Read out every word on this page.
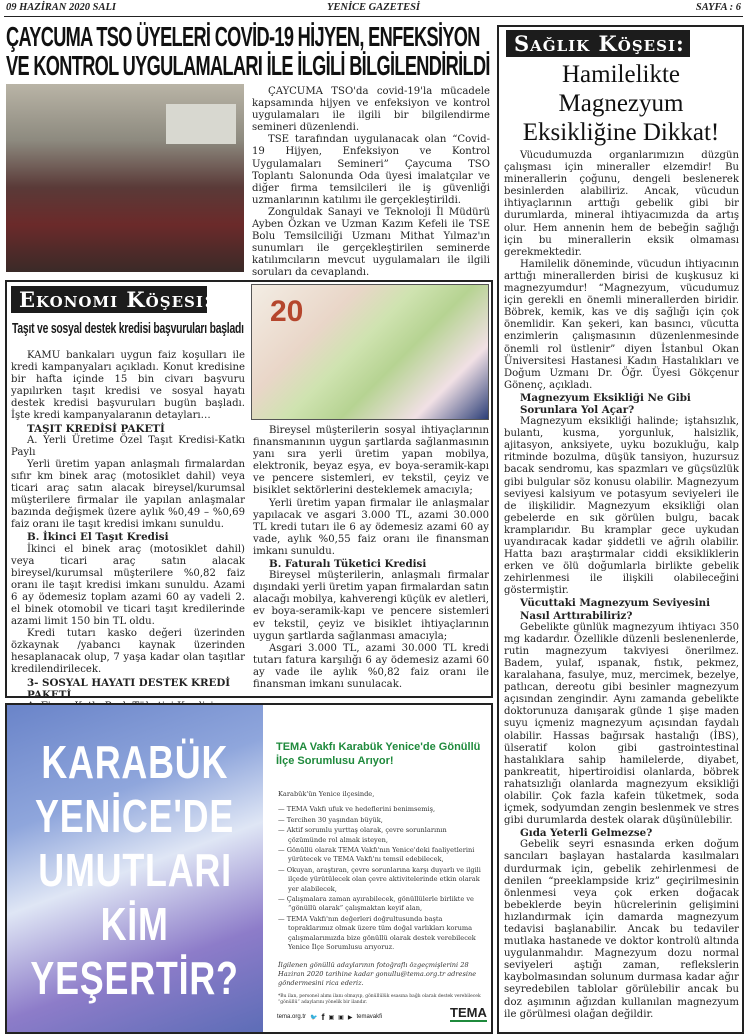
09 HAZİRAN 2020 SALI	YENİCE GAZETESİ	SAYFA : 6
ÇAYCUMA TSO ÜYELERİ COVİD-19 HİJYEN, ENFEKSİYON
VE KONTROL UYGULAMALARI İLE İLGİLİ BİLGİLENDİRİLDİ

ÇAYCUMA TSO'da covid-19'la mücadele kapsamında hijyen ve enfeksiyon ve kontrol uygulamaları ile ilgili bir bilgilendirme semineri düzenlendi.

TSE tarafından uygulanacak olan “Covid-19 Hijyen, Enfeksiyon ve Kontrol Uygulamaları Semineri” Çaycuma TSO Toplantı Salonunda Oda üyesi imalatçılar ve diğer firma temsilcileri ile iş güvenliği uzmanlarının katılımı ile gerçekleştirildi.

Zonguldak Sanayi ve Teknoloji İl Müdürü Ayben Özkan ve Uzman Kazım Kefeli ile TSE Bolu Temsilciliği Uzmanı Mithat Yılmaz'ın sunumları ile gerçekleştirilen seminerde katılımcıların mevcut uygulamaları ile ilgili soruları da cevaplandı.

Ekonomi Köşesi:
Taşıt ve sosyal destek kredisi başvuruları başladı
20

KAMU bankaları uygun faiz koşulları ile kredi kampanyaları açıkladı. Konut kredisine bir hafta içinde 15 bin civarı başvuru yapılırken taşıt kredisi ve sosyal hayatı destek kredisi başvuruları bugün başladı. İşte kredi kampanyalaranın detayları…

TAŞIT KREDİSİ PAKETİ

A. Yerli Üretime Özel Taşıt Kredisi-Katkı Paylı

Yerli üretim yapan anlaşmalı firmalardan sıfır km binek araç (motosiklet dahil) veya ticari araç satın alacak bireysel/kurumsal müşterilere firmalar ile yapılan anlaşmalar bazında değişmek üzere aylık %0,49 – %0,69 faiz oranı ile taşıt kredisi imkanı sunuldu.

B. İkinci El Taşıt Kredisi

İkinci el binek araç (motosiklet dahil) veya ticari araç satın alacak bireysel/kurumsal müşterilere %0,82 faiz oranı ile taşıt kredisi imkanı sunuldu. Azami 6 ay ödemesiz toplam azami 60 ay vadeli 2. el binek otomobil ve ticari taşıt kredilerinde azami limit 150 bin TL oldu.

Kredi tutarı kasko değeri üzerinden özkaynak /yabancı kaynak üzerinden hesaplanacak olup, 7 yaşa kadar olan taşıtlar kredilendirilecek.

3- SOSYAL HAYATI DESTEK KREDİ PAKETİ

Bireysel müşterilerin sosyal ihtiyaçlarının finansmanının uygun şartlarda sağlanmasının yanı sıra yerli üretim yapan mobilya, elektronik, beyaz eşya, ev boya-seramik-kapı ve pencere sistemleri, ev tekstil, çeyiz ve bisiklet sektörlerini desteklemek amacıyla;

Yerli üretim yapan firmalar ile anlaşmalar yapılacak ve asgari 3.000 TL, azami 30.000 TL kredi tutarı ile 6 ay ödemesiz azami 60 ay vade, aylık %0,55 faiz oranı ile finansman imkanı sunuldu.

B. Faturalı Tüketici Kredisi

Bireysel müşterilerin, anlaşmalı firmalar dışındaki yerli üretim yapan firmalardan satın alacağı mobilya, kahverengi küçük ev aletleri, ev boya-seramik-kapı ve pencere sistemleri ev tekstil, çeyiz ve bisiklet ihtiyaçlarının uygun şartlarda sağlanması amacıyla;

Asgari 3.000 TL, azami 30.000 TL kredi tutarı fatura karşılığı 6 ay ödemesiz azami 60 ay vade ile aylık %0,82 faiz oranı ile finansman imkanı sunulacak.

KARABÜK
YENİCE'DE
UMUTLARI
KİM
YEŞERTİR?
TEMA Vakfı Karabük Yenice'de Gönüllü İlçe Sorumlusu Arıyor!

Karabük'ün Yenice ilçesinde,

— TEMA Vakfı ufuk ve hedeflerini benimsemiş,
— Tercihen 30 yaşından büyük,
— Aktif sorumlu yurttaş olarak, çevre sorunlarının çözümünde rol almak isteyen,
— Gönüllü olarak TEMA Vakfı'nın Yenice'deki faaliyetlerini yürütecek ve TEMA Vakfı'nı temsil edebilecek,
— Okuyan, araştıran, çevre sorunlarına karşı duyarlı ve ilgili ilçede yürütülecek olan çevre aktivitelerinde etkin olarak yer alabilecek,
— Çalışmalara zaman ayırabilecek, gönüllülerle birlikte ve “gönüllü olarak” çalışmaktan keyif alan,
— TEMA Vakfı'nın değerleri doğrultusunda başta topraklarımız olmak üzere tüm doğal varlıkları koruma çalışmalarımızda bize gönüllü olarak destek verebilecek Yenice İlçe Sorumlusu arıyoruz.

İlgilenen gönüllü adaylarının fotoğraflı özgeçmişlerini 28 Haziran 2020 tarihine kadar gonullu@tema.org.tr adresine göndermesini rica ederiz.

*Bu ilan, personel alımı ilanı olmayıp, gönüllülük esasına bağlı olarak destek verebilecek “gönüllü” adaylarını yönelik bir ilandır.

tema.org.tr 🐦 f ▣ ▣ ▶ temavakfi	TEMA
Sağlık Köşesi:
Hamilelikte Magnezyum Eksikliğine Dikkat!

Vücudumuzda organlarımızın düzgün çalışması için mineraller elzemdir! Bu minerallerin çoğunu, dengeli beslenerek besinlerden alabiliriz. Ancak, vücudun ihtiyaçlarının arttığı gebelik gibi bir durumlarda, mineral ihtiyacımızda da artış olur. Hem annenin hem de bebeğin sağlığı için bu minerallerin eksik olmaması gerekmektedir.

Hamilelik döneminde, vücudun ihtiyacının arttığı minerallerden birisi de kuşkusuz ki magnezyumdur! “Magnezyum, vücudumuz için gerekli en önemli minerallerden biridir. Böbrek, kemik, kas ve diş sağlığı için çok önemlidir. Kan şekeri, kan basıncı, vücutta enzimlerin çalışmasının düzenlenmesinde önemli rol üstlenir” diyen İstanbul Okan Üniversitesi Hastanesi Kadın Hastalıkları ve Doğum Uzmanı Dr. Öğr. Üyesi Gökçenur Gönenç, açıkladı.

Magnezyum Eksikliği Ne Gibi Sorunlara Yol Açar?

Magnezyum eksikliği halinde; iştahsızlık, bulantı, kusma, yorgunluk, halsizlik, ajitasyon, anksiyete, uyku bozukluğu, kalp ritminde bozulma, düşük tansiyon, huzursuz bacak sendromu, kas spazmları ve güçsüzlük gibi bulgular söz konusu olabilir. Magnezyum seviyesi kalsiyum ve potasyum seviyeleri ile de ilişkilidir. Magnezyum eksikliği olan gebelerde en sık görülen bulgu, bacak kramplarıdır. Bu kramplar gece uykudan uyandıracak kadar şiddetli ve ağrılı olabilir. Hatta bazı araştırmalar ciddi eksikliklerin erken ve ölü doğumlarla birlikte gebelik zehirlenmesi ile ilişkili olabileceğini göstermiştir.

Vücuttaki Magnezyum Seviyesini Nasıl Arttırabiliriz?

Gebelikte günlük magnezyum ihtiyacı 350 mg kadardır. Özellikle düzenli beslenenlerde, rutin magnezyum takviyesi önerilmez. Badem, yulaf, ıspanak, fıstık, pekmez, karalahana, fasulye, muz, mercimek, bezelye, patlıcan, dereotu gibi besinler magnezyum açısından zengindir. Aynı zamanda gebelikte doktorunuza danışarak günde 1 şişe maden suyu içmeniz magnezyum açısından faydalı olabilir. Hassas bağırsak hastalığı (İBS), ülseratif kolon gibi gastrointestinal hastalıklara sahip hamilelerde, diyabet, pankreatit, hipertiroidisi olanlarda, böbrek rahatsızlığı olanlarda magnezyum eksikliği olabilir. Çok fazla kafein tüketmek, soda içmek, sodyumdan zengin beslenmek ve stres gibi durumlarda destek olarak düşünülebilir.

Gıda Yeterli Gelmezse?

Gebelik seyri esnasında erken doğum sancıları başlayan hastalarda kasılmaları durdurmak için, gebelik zehirlenmesi de denilen “preeklampside kriz” geçirilmesinin önlenmesi veya çok erken doğacak bebeklerde beyin hücrelerinin gelişimini hızlandırmak için damarda magnezyum tedavisi başlanabilir. Ancak bu tedaviler mutlaka hastanede ve doktor kontrolü altında uygulanmalıdır. Magnezyum dozu normal seviyeleri aştığı zaman, reflekslerin kaybolmasından solunum durmasa kadar ağır seyredebilen tablolar görülebilir ancak bu doz aşımının ağızdan kullanılan magnezyum ile görülmesi olağan değildir.
